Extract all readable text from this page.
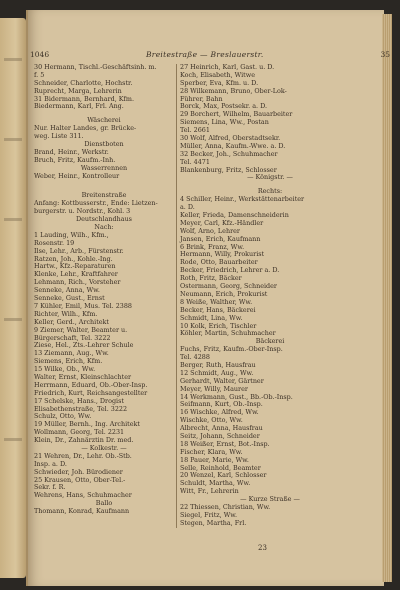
1046	Breitestraße — Breslauerstr.	35
30 Hermann, Tischl.-Geschäftsinh. m.
f. 5
Schneider, Charlotte, Hochstr.
Ruprecht, Marga, Lehrerin
31 Bidermann, Bernhard, Kfm.
Biedermann, Karl, Frl. Ang.
Wäscherei
Nur. Halter Landes, gr. Brücke-
weg. Liste 311.
Dienstboten
Brand, Heinr., Werkstr.
Bruch, Fritz, Kaufm.-Inh.
Wasserrennen
Weber, Heinr., Kontrolleur
Breitenstraße
Anfang: Kottbusserstr., Ende: Lietzen-
burgerstr. u. Nordstr., Kohl. 3
Deutschlandhaus
Nach:
1 Lauding, Wilh., Kfm.,
Rosenstr. 19
Ilse, Lehr., Arb., Fürstenstr.
Ratzen, Joh., Kohle.-Ing.
Hartw., Kfz.-Reparaturen
Klenke, Lehr., Kraftfahrer
Lehmann, Rich., Vorsteher
Senneke, Anna, Ww.
Senneke, Gust., Ernst
7 Kühler, Emil, Mus. Tel. 2388
Richter, Wilh., Kfm.
Keller, Gerd., Architekt
9 Ziemer, Walter, Beamter u.
Bürgerschaft, Tel. 3222
Ziese, Hel., Zts.-Lehrer Schule
13 Ziemann, Aug., Ww.
Siemens, Erich, Kfm.
15 Wilke, Ob., Ww.
Walter, Ernst, Kleinschlachter
Herrmann, Eduard, Ob.-Ober-Insp.
Friedrich, Kurt, Reichsangestellter
17 Schelske, Hans., Drogist
Elisabethenstraße, Tel. 3222
Schulz, Otto, Ww.
19 Müller, Bernh., Ing. Architekt
Wollmann, Georg, Tel. 2231
Klein, Dr., Zahnärztin Dr. med.
— Kolkestr. —
21 Wehren, Dr., Lehr. Ob.-Stb.
Insp. a. D.
Schwieder, Joh. Bürodiener
25 Krausen, Otto, Ober-Tel.-
Sekr. f. R.
Wehrens, Hans, Schuhmacher
Ballo
Thomann, Konrad, Kaufmann
27 Heinrich, Karl, Gast. u. D.
Koch, Elisabeth, Witwe
Sperber, Eva, Kfm. u. D.
28 Wilkemann, Bruno, Ober-Lok-
Führer, Bahn
Borck, Max, Postsekr. a. D.
29 Borchert, Wilhelm, Bauarbeiter
Siemens, Lina, Ww., Postan
Tel. 2661
30 Wolf, Alfred, Oberstadtsekr.
Müller, Anna, Kaufm.-Wwe. a. D.
32 Becker, Joh., Schuhmacher
Tel. 4471
Blankenburg, Fritz, Schlosser
— Königstr. —
Rechts:
4 Schiller, Heinr., Werkstättenarbeiter
a. D.
Keller, Frieda, Damenschneiderin
Meyer, Carl, Kfz.-Händler
Wolf, Arno, Lehrer
Jansen, Erich, Kaufmann
6 Brink, Franz, Ww.
Hermann, Willy, Prokurist
Rode, Otto, Bauarbeiter
Becker, Friedrich, Lehrer a. D.
Roth, Fritz, Bäcker
Ostermann, Georg, Schneider
Neumann, Erich, Prokurist
8 Weiße, Walther, Ww.
Becker, Hans, Bäckerei
Schmidt, Lina, Ww.
10 Kolk, Erich, Tischler
Köhler, Martin, Schuhmacher
Bäckerei
Fuchs, Fritz, Kaufm.-Ober-Insp.
Tel. 4288
Berger, Ruth, Hausfrau
12 Schmidt, Aug., Ww.
Gerhardt, Walter, Gärtner
Meyer, Willy, Maurer
14 Werkmann, Gust., Bb.-Ob.-Insp.
Seifmann, Kurt, Ob.-Insp.
16 Wischke, Alfred, Ww.
Wischke, Otto, Ww.
Albrecht, Anna, Hausfrau
Seitz, Johann, Schneider
18 Weißer, Ernst, Bot.-Insp.
Fischer, Klara, Ww.
18 Pauer, Marie, Ww.
Selle, Reinhold, Beamter
20 Wenzel, Karl, Schlosser
Schuldt, Martha, Ww.
Witt, Fr., Lehrerin
— Kurze Straße —
22 Thiessen, Christian, Ww.
Siegel, Fritz, Ww.
Stegen, Martha, Frl.
23
